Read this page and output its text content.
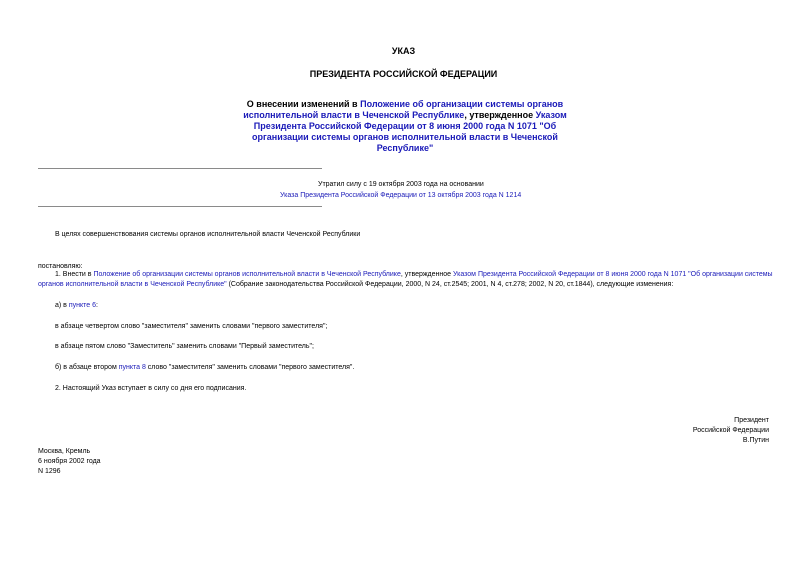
УКАЗ
ПРЕЗИДЕНТА РОССИЙСКОЙ ФЕДЕРАЦИИ
О внесении изменений в Положение об организации системы органов исполнительной власти в Чеченской Республике, утвержденное Указом Президента Российской Федерации от 8 июня 2000 года N 1071 "Об организации системы органов исполнительной власти в Чеченской Республике"
Утратил силу с 19 октября 2003 года на основании
Указа Президента Российской Федерации от 13 октября 2003 года N 1214
В целях совершенствования системы органов исполнительной власти Чеченской Республики
постановляю:
1. Внести в Положение об организации системы органов исполнительной власти в Чеченской Республике, утвержденное Указом Президента Российской Федерации от 8 июня 2000 года N 1071 "Об организации системы органов исполнительной власти в Чеченской Республике" (Собрание законодательства Российской Федерации, 2000, N 24, ст.2545; 2001, N 4, ст.278; 2002, N 20, ст.1844), следующие изменения:
а) в пункте 6:
в абзаце четвертом слово "заместителя" заменить словами "первого заместителя";
в абзаце пятом слово "Заместитель" заменить словами "Первый заместитель";
б) в абзаце втором пункта 8 слово "заместителя" заменить словами "первого заместителя".
2. Настоящий Указ вступает в силу со дня его подписания.
Президент
Российской Федерации
В.Путин
Москва, Кремль
6 ноября 2002 года
N 1296
